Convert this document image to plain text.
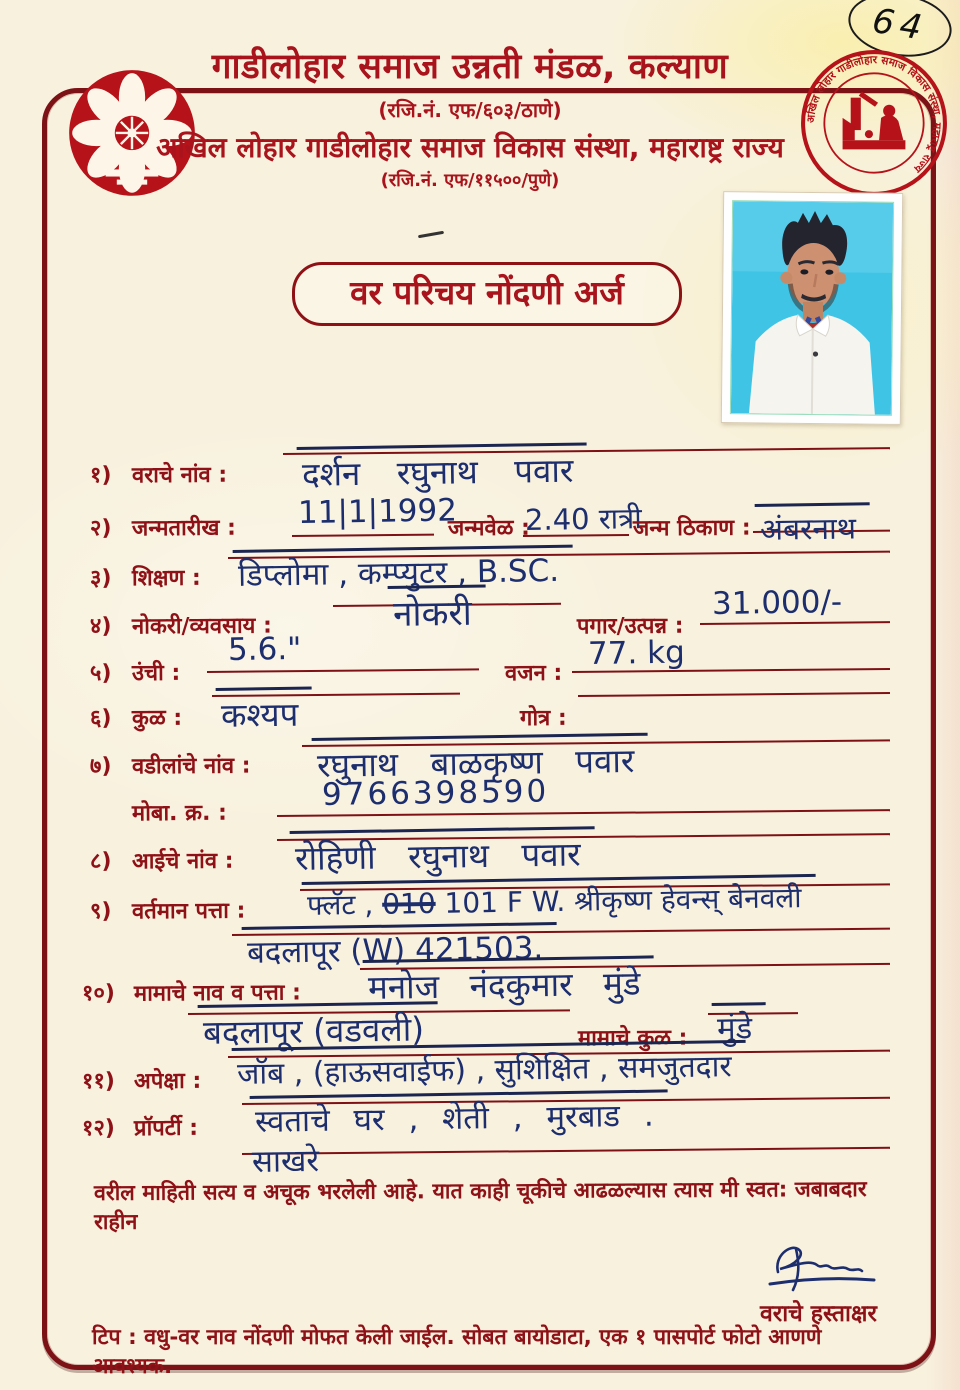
64
अखिल लोहार गाडीलोहार समाज विकास संस्था, महाराष्ट्र राज्य
गाडीलोहार समाज उन्नती मंडळ, कल्याण
(रजि.नं. एफ/६०३/ठाणे)
अखिल लोहार गाडीलोहार समाज विकास संस्था, महाराष्ट्र राज्य
(रजि.नं. एफ/११५००/पुणे)
वर परिचय नोंदणी अर्ज
१) वराचे नांव : दर्शन रघुनाथ पवार
२) जन्मतारीख : 11|1|1992
जन्मवेळ :
2.40 रात्री
जन्म ठिकाण : अंबरनाथ
३) शिक्षण : डिप्लोमा , कम्प्युटर , B.SC.
४) नोकरी/व्यवसाय :	नोकरी	पगार/उत्पन्न :
31.000/-
५) उंची :
5.6."
वजन :
77. kg
६) कुळ : कश्यप	गोत्र :
७) वडीलांचे नांव : रघुनाथ बाळकृष्ण पवार
मोबा. क्र. :
9766398590
८) आईचे नांव : रोहिणी रघुनाथ पवार
९) वर्तमान पत्ता : फ्लॅट , 010 101 F W. श्रीकृष्ण हेवन्स् बेनवली
बदलापूर (W) 421503.
१०) मामाचे नाव व पत्ता : मनोज नंदकुमार मुंडे
बदलापूर (वडवली)	मामाचे कुळ : मुंडे
११) अपेक्षा : जॉब , (हाऊसवाईफ) , सुशिक्षित , समजुतदार
१२) प्रॉपर्टी : स्वताचे घर , शेती , मुरबाड .
साखरे
वरील माहिती सत्य व अचूक भरलेली आहे. यात काही चूकीचे आढळल्यास त्यास मी स्वत: जबाबदार राहीन
वराचे हस्ताक्षर
टिप : वधु-वर नाव नोंदणी मोफत केली जाईल. सोबत बायोडाटा, एक १ पासपोर्ट फोटो आणणे आवश्यक.
